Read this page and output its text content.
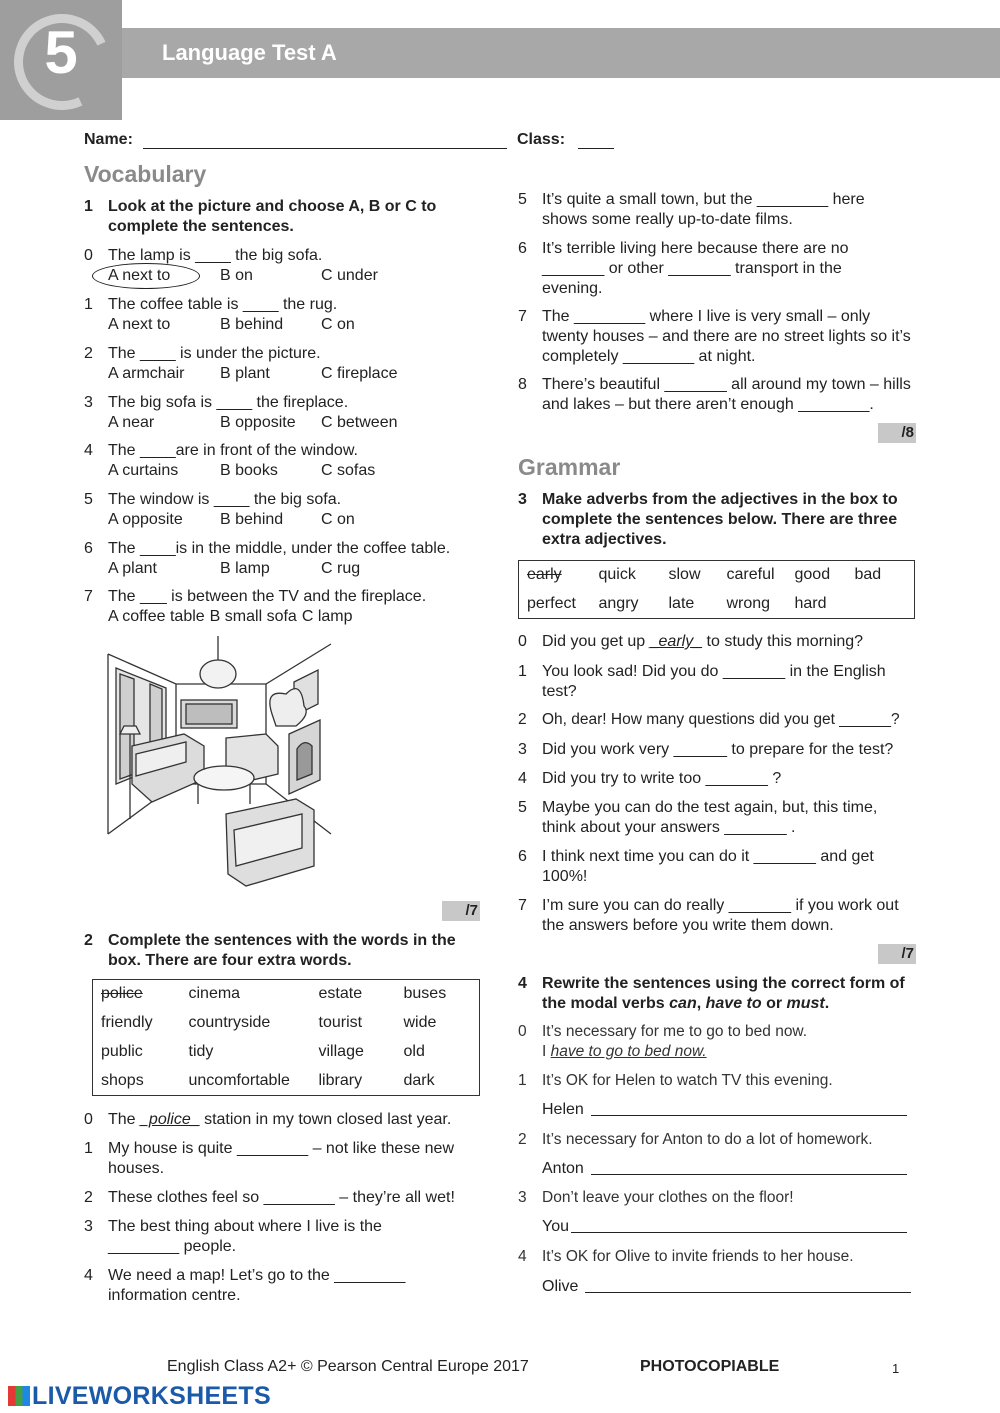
5	Language Test A
Name:	Class:
Vocabulary
1 Look at the picture and choose A, B or C to complete the sentences.
0 The lamp is ____ the big sofa.
A next to	B on	C under
1 The coffee table is ____ the rug.
A next to	B behind	C on
2 The ____ is under the picture.
A armchair	B plant	C fireplace
3 The big sofa is ____ the fireplace.
A near	B opposite	C between
4 The ____are in front of the window.
A curtains	B books	C sofas
5 The window is ____ the big sofa.
A opposite	B behind	C on
6 The ____is in the middle, under the coffee table.
A plant	B lamp	C rug
7 The ___ is between the TV and the fireplace.
A coffee table B small sofa C lamp
/7
2 Complete the sentences with the words in the box. There are four extra words.
police	cinema	estate	buses
friendly	countryside	tourist	wide
public	tidy	village	old
shops	uncomfortable	library	dark
0 The _police_ station in my town closed last year.
1 My house is quite ________ – not like these new houses.
2 These clothes feel so ________ – they’re all wet!
3 The best thing about where I live is the ________ people.
4 We need a map! Let’s go to the ________ information centre.
5 It’s quite a small town, but the ________ here shows some really up-to-date films.
6 It’s terrible living here because there are no _______ or other _______ transport in the evening.
7 The ________ where I live is very small – only twenty houses – and there are no street lights so it’s completely ________ at night.
8 There’s beautiful _______ all around my town – hills and lakes – but there aren’t enough ________.
/8
Grammar
3 Make adverbs from the adjectives in the box to complete the sentences below. There are three extra adjectives.
early	quick	slow	careful	good	bad
perfect	angry	late	wrong	hard	
0 Did you get up _early_ to study this morning?
1 You look sad! Did you do _______ in the English test?
2 Oh, dear! How many questions did you get ______?
3 Did you work very ______ to prepare for the test?
4 Did you try to write too _______ ?
5 Maybe you can do the test again, but, this time, think about your answers _______ .
6 I think next time you can do it _______ and get 100%!
7 I’m sure you can do really _______ if you work out the answers before you write them down.
/7
4 Rewrite the sentences using the correct form of the modal verbs can, have to or must.
0 It’s necessary for me to go to bed now.
I have to go to bed now.
1 It’s OK for Helen to watch TV this evening.
Helen
2 It’s necessary for Anton to do a lot of homework.
Anton
3 Don’t leave your clothes on the floor!
You
4 It’s OK for Olive to invite friends to her house.
Olive
English Class A2+ © Pearson Central Europe 2017	PHOTOCOPIABLE	1
LIVEWORKSHEETS
